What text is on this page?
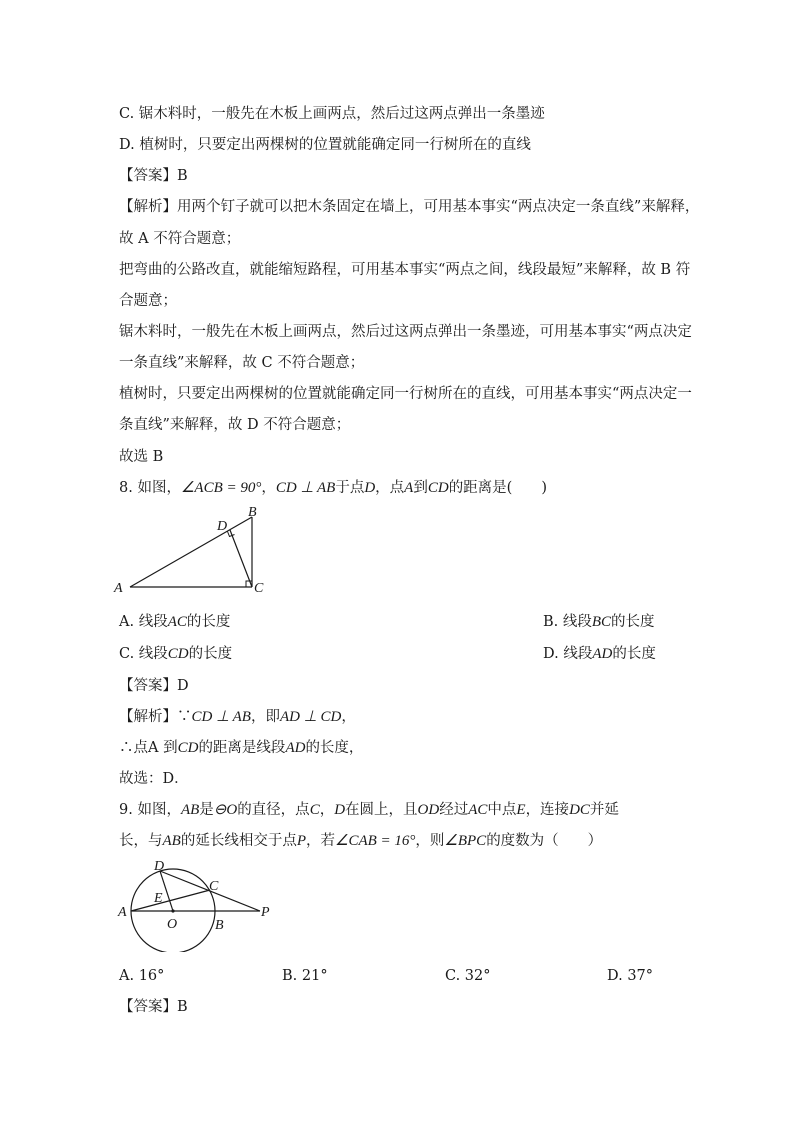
C. 锯木料时，一般先在木板上画两点，然后过这两点弹出一条墨迹
D. 植树时，只要定出两棵树的位置就能确定同一行树所在的直线
【答案】B
【解析】用两个钉子就可以把木条固定在墙上，可用基本事实“两点决定一条直线”来解释，
故 A 不符合题意；
把弯曲的公路改直，就能缩短路程，可用基本事实“两点之间，线段最短”来解释，故 B 符
合题意；
锯木料时，一般先在木板上画两点，然后过这两点弹出一条墨迹，可用基本事实“两点决定
一条直线”来解释，故 C 不符合题意；
植树时，只要定出两棵树的位置就能确定同一行树所在的直线，可用基本事实“两点决定一
条直线”来解释，故 D 不符合题意；
故选 B
8. 如图，∠ACB = 90°，CD ⊥ AB于点D，点A到CD的距离是(　　)
A
B
C
D
A. 线段AC的长度	B. 线段BC的长度
C. 线段CD的长度	D. 线段AD的长度
【答案】D
【解析】∵CD ⊥ AB，即AD ⊥ CD，
∴点A 到CD的距离是线段AD的长度，
故选：D．
9. 如图，AB是⊖O的直径，点C，D在圆上，且OD经过AC中点E，连接DC并延
长，与AB的延长线相交于点P，若∠CAB = 16°，则∠BPC的度数为（　　）
A
B
C
D
E
O
P
A. 16°	B. 21°	C. 32°	D. 37°
【答案】B
